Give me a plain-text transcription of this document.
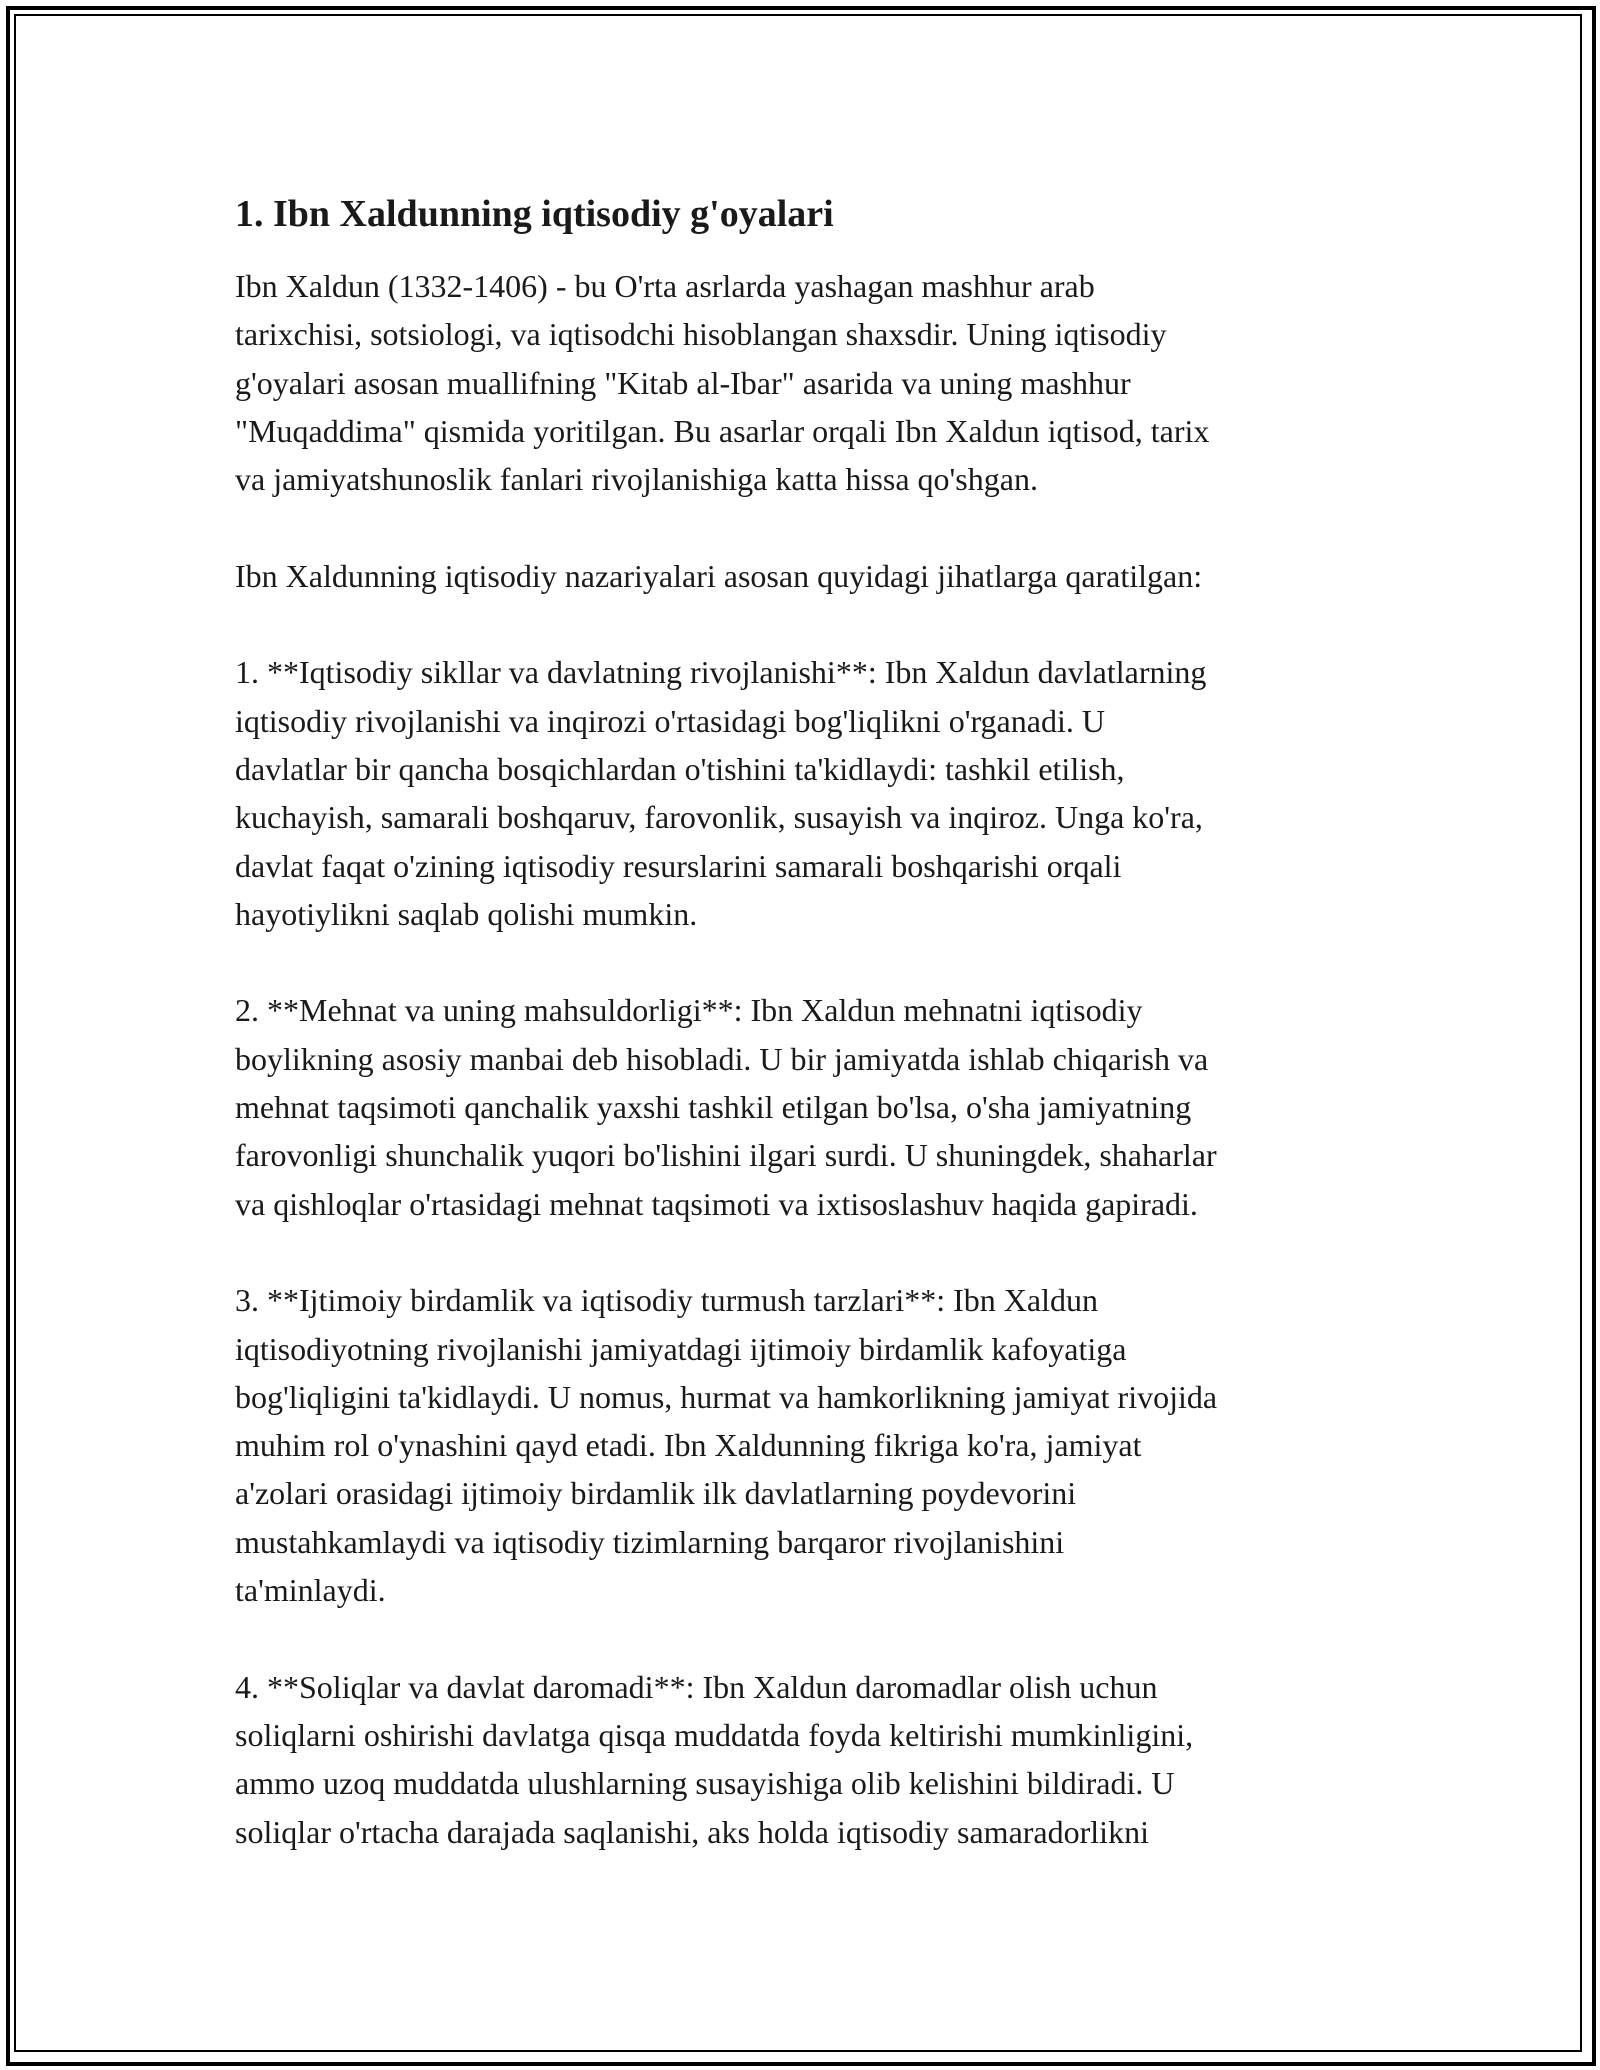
1. Ibn Xaldunning iqtisodiy g'oyalari

Ibn Xaldun (1332-1406) - bu O'rta asrlarda yashagan mashhur arab
tarixchisi, sotsiologi, va iqtisodchi hisoblangan shaxsdir. Uning iqtisodiy
g'oyalari asosan muallifning "Kitab al-Ibar" asarida va uning mashhur
"Muqaddima" qismida yoritilgan. Bu asarlar orqali Ibn Xaldun iqtisod, tarix
va jamiyatshunoslik fanlari rivojlanishiga katta hissa qo'shgan.

Ibn Xaldunning iqtisodiy nazariyalari asosan quyidagi jihatlarga qaratilgan:

1. **Iqtisodiy sikllar va davlatning rivojlanishi**: Ibn Xaldun davlatlarning
iqtisodiy rivojlanishi va inqirozi o'rtasidagi bog'liqlikni o'rganadi. U
davlatlar bir qancha bosqichlardan o'tishini ta'kidlaydi: tashkil etilish,
kuchayish, samarali boshqaruv, farovonlik, susayish va inqiroz. Unga ko'ra,
davlat faqat o'zining iqtisodiy resurslarini samarali boshqarishi orqali
hayotiylikni saqlab qolishi mumkin.

2. **Mehnat va uning mahsuldorligi**: Ibn Xaldun mehnatni iqtisodiy
boylikning asosiy manbai deb hisobladi. U bir jamiyatda ishlab chiqarish va
mehnat taqsimoti qanchalik yaxshi tashkil etilgan bo'lsa, o'sha jamiyatning
farovonligi shunchalik yuqori bo'lishini ilgari surdi. U shuningdek, shaharlar
va qishloqlar o'rtasidagi mehnat taqsimoti va ixtisoslashuv haqida gapiradi.

3. **Ijtimoiy birdamlik va iqtisodiy turmush tarzlari**: Ibn Xaldun
iqtisodiyotning rivojlanishi jamiyatdagi ijtimoiy birdamlik kafoyatiga
bog'liqligini ta'kidlaydi. U nomus, hurmat va hamkorlikning jamiyat rivojida
muhim rol o'ynashini qayd etadi. Ibn Xaldunning fikriga ko'ra, jamiyat
a'zolari orasidagi ijtimoiy birdamlik ilk davlatlarning poydevorini
mustahkamlaydi va iqtisodiy tizimlarning barqaror rivojlanishini
ta'minlaydi.

4. **Soliqlar va davlat daromadi**: Ibn Xaldun daromadlar olish uchun
soliqlarni oshirishi davlatga qisqa muddatda foyda keltirishi mumkinligini,
ammo uzoq muddatda ulushlarning susayishiga olib kelishini bildiradi. U
soliqlar o'rtacha darajada saqlanishi, aks holda iqtisodiy samaradorlikni
